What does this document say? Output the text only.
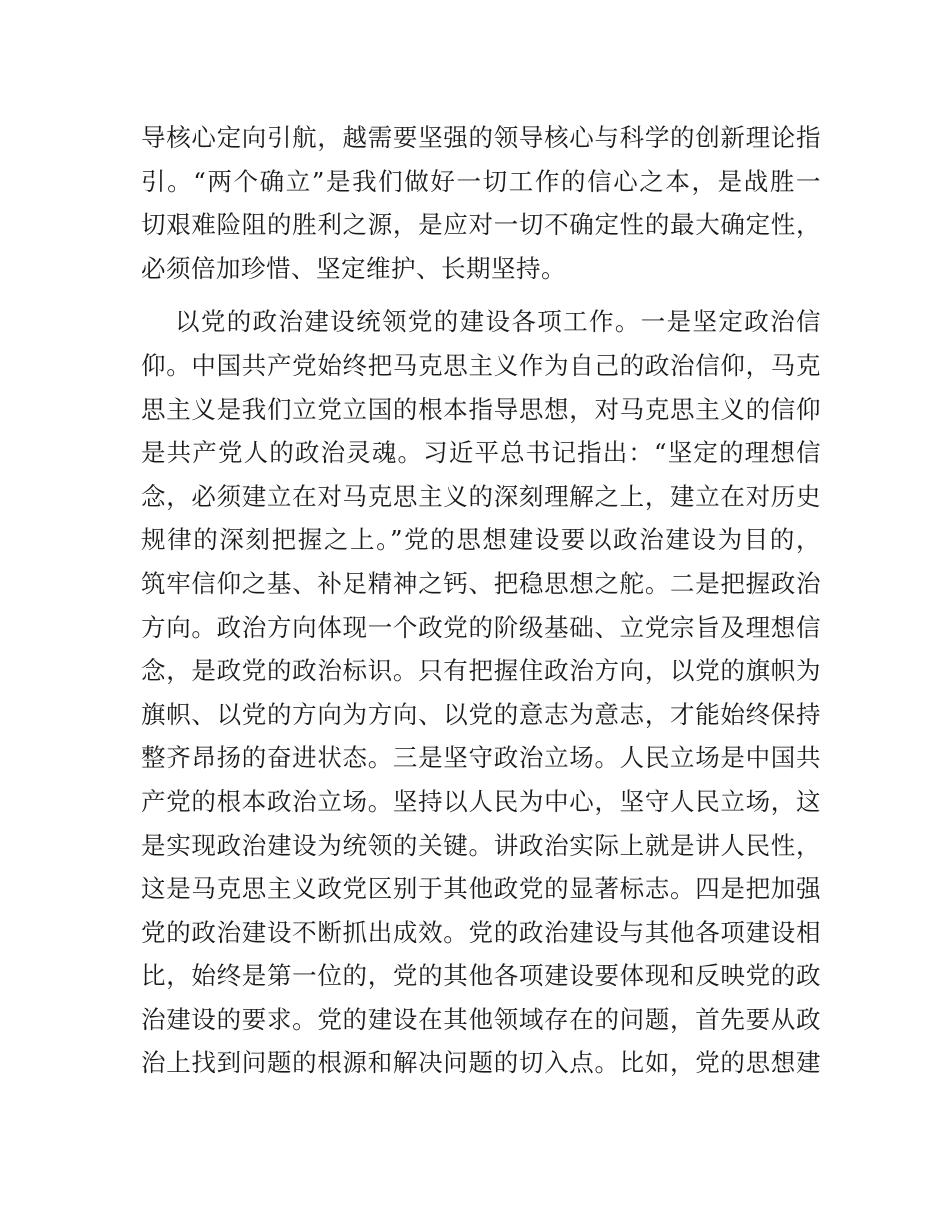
导核心定向引航，越需要坚强的领导核心与科学的创新理论指
引。“两个确立”是我们做好一切工作的信心之本，是战胜一
切艰难险阻的胜利之源，是应对一切不确定性的最大确定性，
必须倍加珍惜、坚定维护、长期坚持。
以党的政治建设统领党的建设各项工作。一是坚定政治信
仰。中国共产党始终把马克思主义作为自己的政治信仰，马克
思主义是我们立党立国的根本指导思想，对马克思主义的信仰
是共产党人的政治灵魂。习近平总书记指出：“坚定的理想信
念，必须建立在对马克思主义的深刻理解之上，建立在对历史
规律的深刻把握之上。”党的思想建设要以政治建设为目的，
筑牢信仰之基、补足精神之钙、把稳思想之舵。二是把握政治
方向。政治方向体现一个政党的阶级基础、立党宗旨及理想信
念，是政党的政治标识。只有把握住政治方向，以党的旗帜为
旗帜、以党的方向为方向、以党的意志为意志，才能始终保持
整齐昂扬的奋进状态。三是坚守政治立场。人民立场是中国共
产党的根本政治立场。坚持以人民为中心，坚守人民立场，这
是实现政治建设为统领的关键。讲政治实际上就是讲人民性，
这是马克思主义政党区别于其他政党的显著标志。四是把加强
党的政治建设不断抓出成效。党的政治建设与其他各项建设相
比，始终是第一位的，党的其他各项建设要体现和反映党的政
治建设的要求。党的建设在其他领域存在的问题，首先要从政
治上找到问题的根源和解决问题的切入点。比如，党的思想建
